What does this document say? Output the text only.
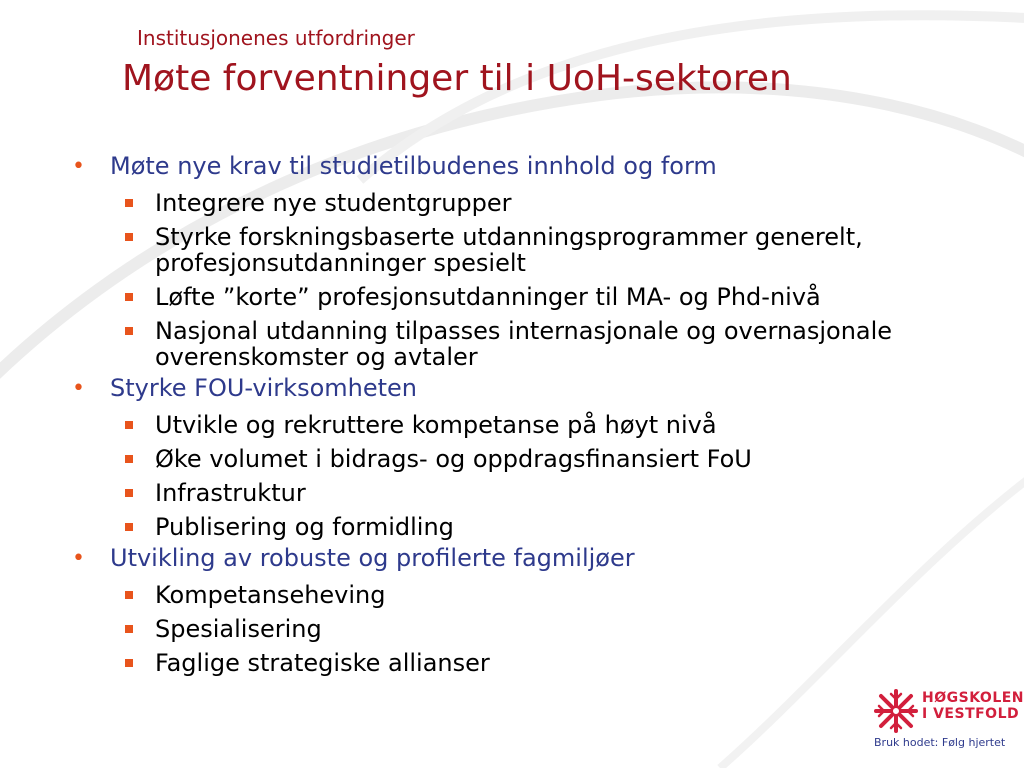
Institusjonenes utfordringer
Møte forventninger til i UoH-sektoren
• Møte nye krav til studietilbudenes innhold og form
Integrere nye studentgrupper
Styrke forskningsbaserte utdanningsprogrammer generelt, profesjonsutdanninger spesielt
Løfte ”korte” profesjonsutdanninger til MA- og Phd-nivå
Nasjonal utdanning tilpasses internasjonale og overnasjonale overenskomster og avtaler
• Styrke FOU-virksomheten
Utvikle og rekruttere kompetanse på høyt nivå
Øke volumet i bidrags- og oppdragsfinansiert FoU
Infrastruktur
Publisering og formidling
• Utvikling av robuste og profilerte fagmiljøer
Kompetanseheving
Spesialisering
Faglige strategiske allianser
HØGSKOLEN
I VESTFOLD
Bruk hodet: Følg hjertet
